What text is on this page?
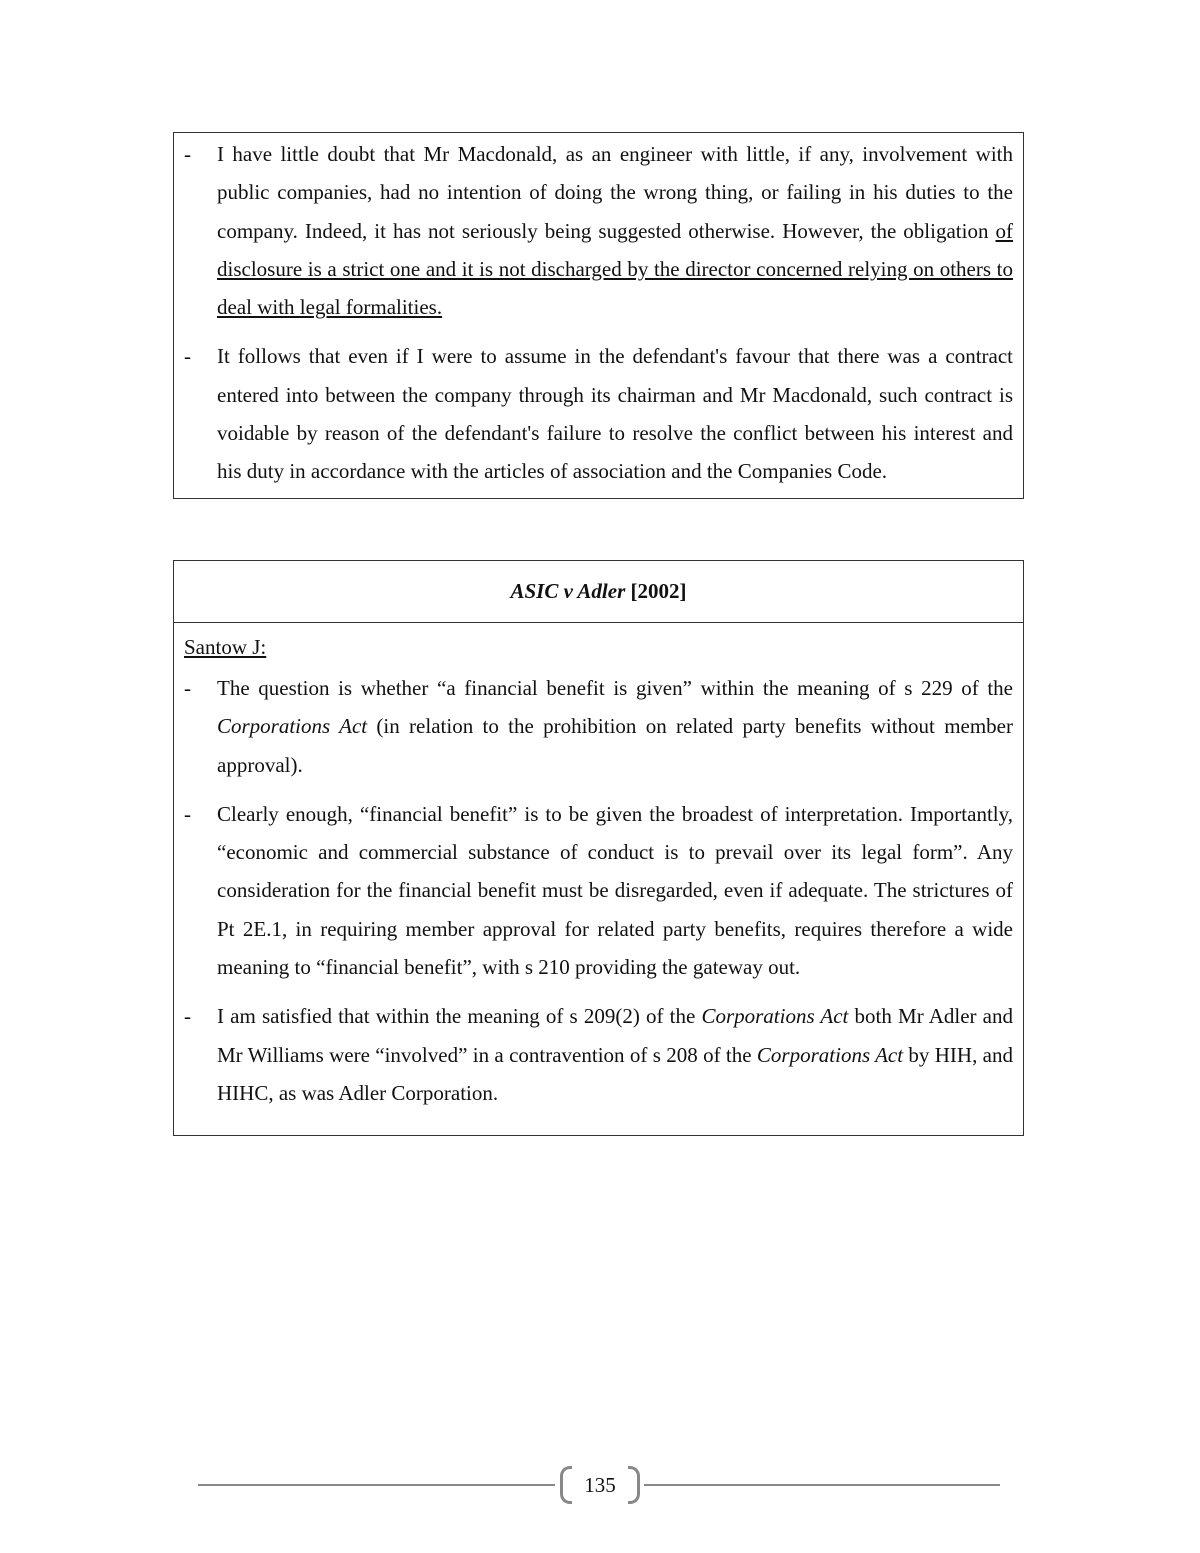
- I have little doubt that Mr Macdonald, as an engineer with little, if any, involvement with public companies, had no intention of doing the wrong thing, or failing in his duties to the company. Indeed, it has not seriously being suggested otherwise. However, the obligation of disclosure is a strict one and it is not discharged by the director concerned relying on others to deal with legal formalities.
- It follows that even if I were to assume in the defendant's favour that there was a contract entered into between the company through its chairman and Mr Macdonald, such contract is voidable by reason of the defendant's failure to resolve the conflict between his interest and his duty in accordance with the articles of association and the Companies Code.
ASIC v Adler
[2002]

Santow J:

- The question is whether “a financial benefit is given” within the meaning of s 229 of the Corporations Act (in relation to the prohibition on related party benefits without member approval).
- Clearly enough, “financial benefit” is to be given the broadest of interpretation. Importantly, “economic and commercial substance of conduct is to prevail over its legal form”. Any consideration for the financial benefit must be disregarded, even if adequate. The strictures of Pt 2E.1, in requiring member approval for related party benefits, requires therefore a wide meaning to “financial benefit”, with s 210 providing the gateway out.
- I am satisfied that within the meaning of s 209(2) of the Corporations Act both Mr Adler and Mr Williams were “involved” in a contravention of s 208 of the Corporations Act by HIH, and HIHC, as was Adler Corporation.
135
